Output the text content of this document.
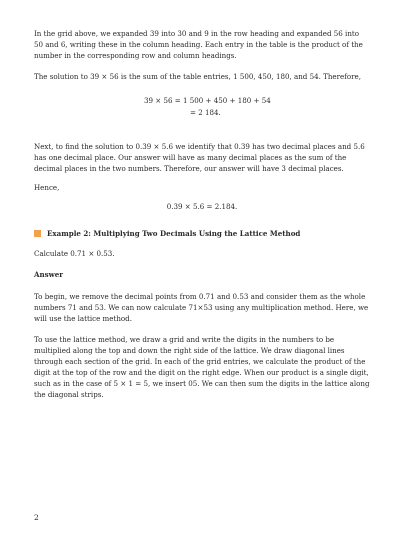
In the grid above, we expanded 39 into 30 and 9 in the row heading and expanded 56 into 50 and 6, writing these in the column heading. Each entry in the table is the product of the number in the corresponding row and column headings.

The solution to 39 × 56 is the sum of the table entries, 1 500, 450, 180, and 54. Therefore,

39 × 56 = 1 500 + 450 + 180 + 54
= 2 184.

Next, to find the solution to 0.39 × 5.6 we identify that 0.39 has two decimal places and 5.6 has one decimal place. Our answer will have as many decimal places as the sum of the decimal places in the two numbers. Therefore, our answer will have 3 decimal places.

Hence,

0.39 × 5.6 = 2.184.
Example 2: Multiplying Two Decimals Using the Lattice Method

Calculate 0.71 × 0.53.

Answer

To begin, we remove the decimal points from 0.71 and 0.53 and consider them as the whole numbers 71 and 53. We can now calculate 71×53 using any multiplication method. Here, we will use the lattice method.

To use the lattice method, we draw a grid and write the digits in the numbers to be multiplied along the top and down the right side of the lattice. We draw diagonal lines through each section of the grid. In each of the grid entries, we calculate the product of the digit at the top of the row and the digit on the right edge. When our product is a single digit, such as in the case of 5 × 1 = 5, we insert 05. We can then sum the digits in the lattice along the diagonal strips.

2
